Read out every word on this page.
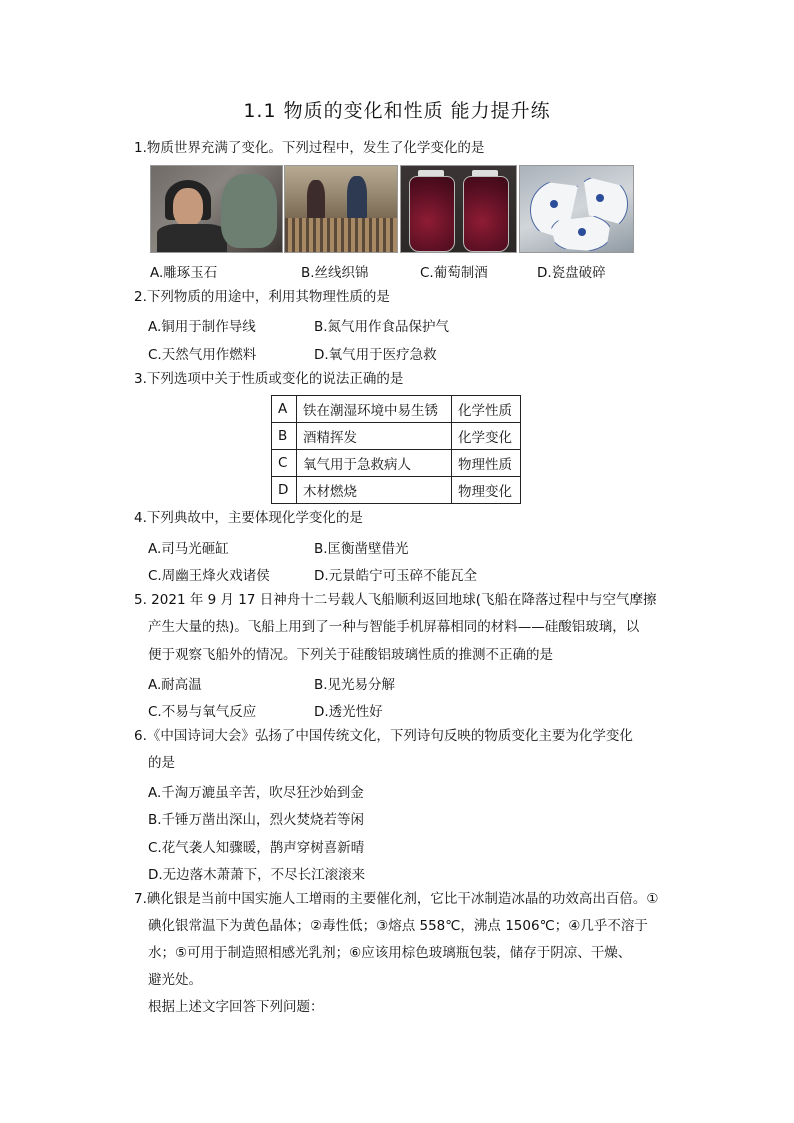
1.1 物质的变化和性质 能力提升练
1.物质世界充满了变化。下列过程中，发生了化学变化的是
A.雕琢玉石	B.丝线织锦	C.葡萄制酒	D.瓷盘破碎
2.下列物质的用途中，利用其物理性质的是
A.铜用于制作导线	B.氮气用作食品保护气
C.天然气用作燃料	D.氧气用于医疗急救
3.下列选项中关于性质或变化的说法正确的是
A	铁在潮湿环境中易生锈	化学性质
B	酒精挥发	化学变化
C	氧气用于急救病人	物理性质
D	木材燃烧	物理变化
4.下列典故中，主要体现化学变化的是
A.司马光砸缸	B.匡衡凿壁借光
C.周幽王烽火戏诸侯	D.元景皓宁可玉碎不能瓦全
5. 2021 年 9 月 17 日神舟十二号载人飞船顺利返回地球(飞船在降落过程中与空气摩擦
产生大量的热)。飞船上用到了一种与智能手机屏幕相同的材料——硅酸铝玻璃，以
便于观察飞船外的情况。下列关于硅酸铝玻璃性质的推测不正确的是
A.耐高温	B.见光易分解
C.不易与氧气反应	D.透光性好
6.《中国诗词大会》弘扬了中国传统文化，下列诗句反映的物质变化主要为化学变化
的是
A.千淘万漉虽辛苦，吹尽狂沙始到金
B.千锤万凿出深山，烈火焚烧若等闲
C.花气袭人知骤暖，鹊声穿树喜新晴
D.无边落木萧萧下，不尽长江滚滚来
7.碘化银是当前中国实施人工增雨的主要催化剂，它比干冰制造冰晶的功效高出百倍。①
碘化银常温下为黄色晶体；②毒性低；③熔点 558℃，沸点 1506℃；④几乎不溶于
水；⑤可用于制造照相感光乳剂；⑥应该用棕色玻璃瓶包装，储存于阴凉、干燥、
避光处。
根据上述文字回答下列问题：
